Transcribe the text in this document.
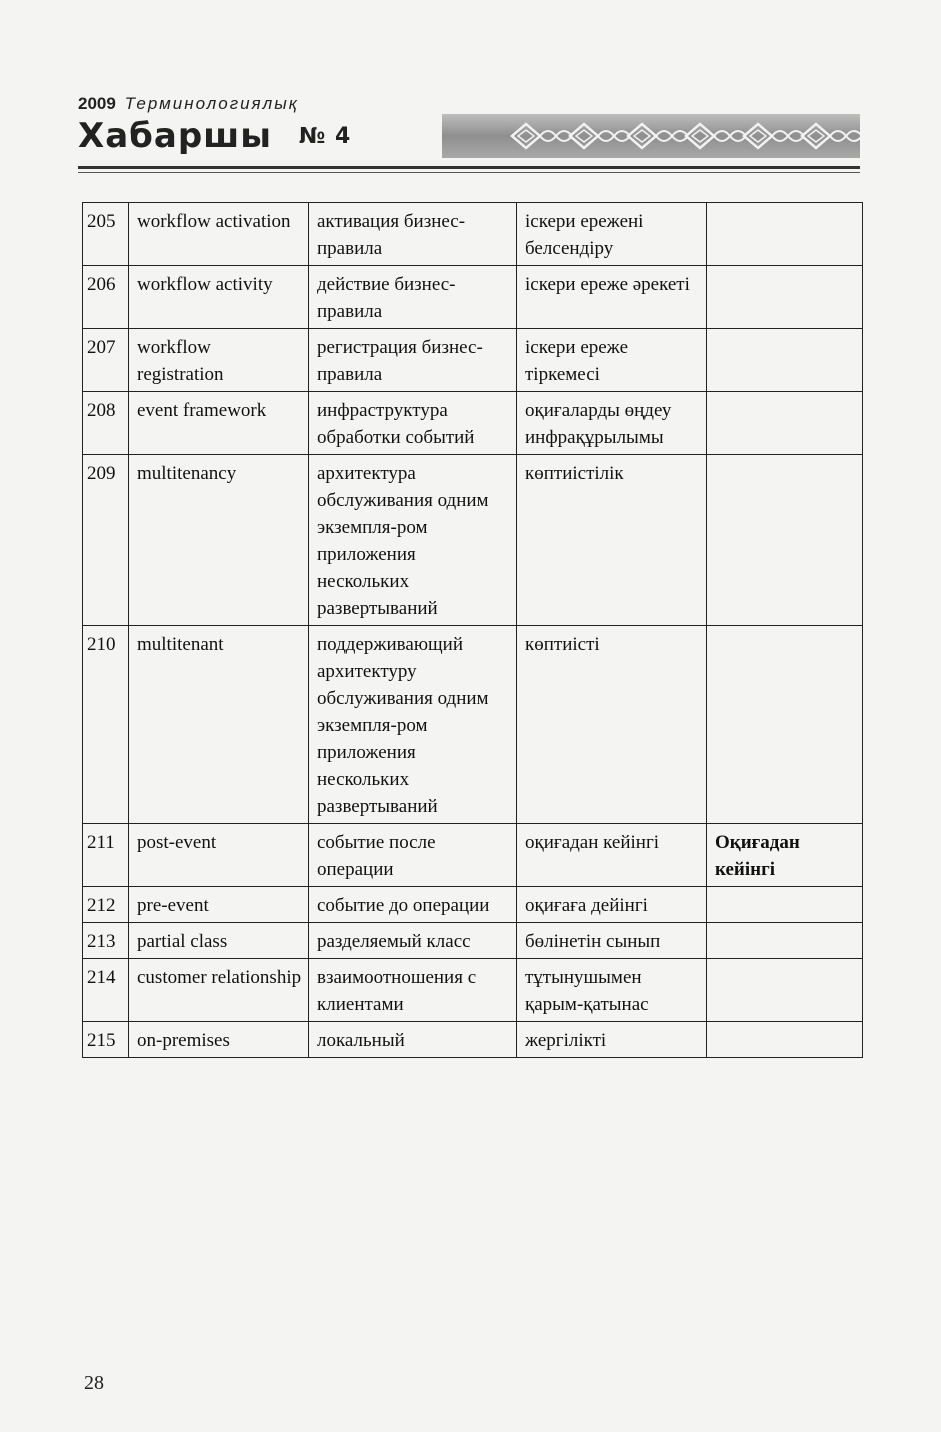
2009 Терминологиялық
Хабаршы № 4
205	workflow activation	активация бизнес-правила	іскери ережені белсендіру	
206	workflow activity	действие бизнес-правила	іскери ереже әрекеті	
207	workflow registration	регистрация бизнес-правила	іскери ереже тіркемесі	
208	event framework	инфраструктура обработки событий	оқиғаларды өңдеу инфрақұрылымы	
209	multitenancy	архитектура обслуживания одним экземпля-ром приложения нескольких развертываний	көптиістілік	
210	multitenant	поддерживающий архитектуру обслуживания одним экземпля-ром приложения нескольких развертываний	көптиісті	
211	post-event	событие после операции	оқиғадан кейінгі	Оқиғадан кейінгі
212	pre-event	событие до операции	оқиғаға дейінгі	
213	partial class	разделяемый класс	бөлінетін сынып	
214	customer relationship	взаимоотношения с клиентами	тұтынушымен қарым-қатынас	
215	on-premises	локальный	жергілікті	
28
